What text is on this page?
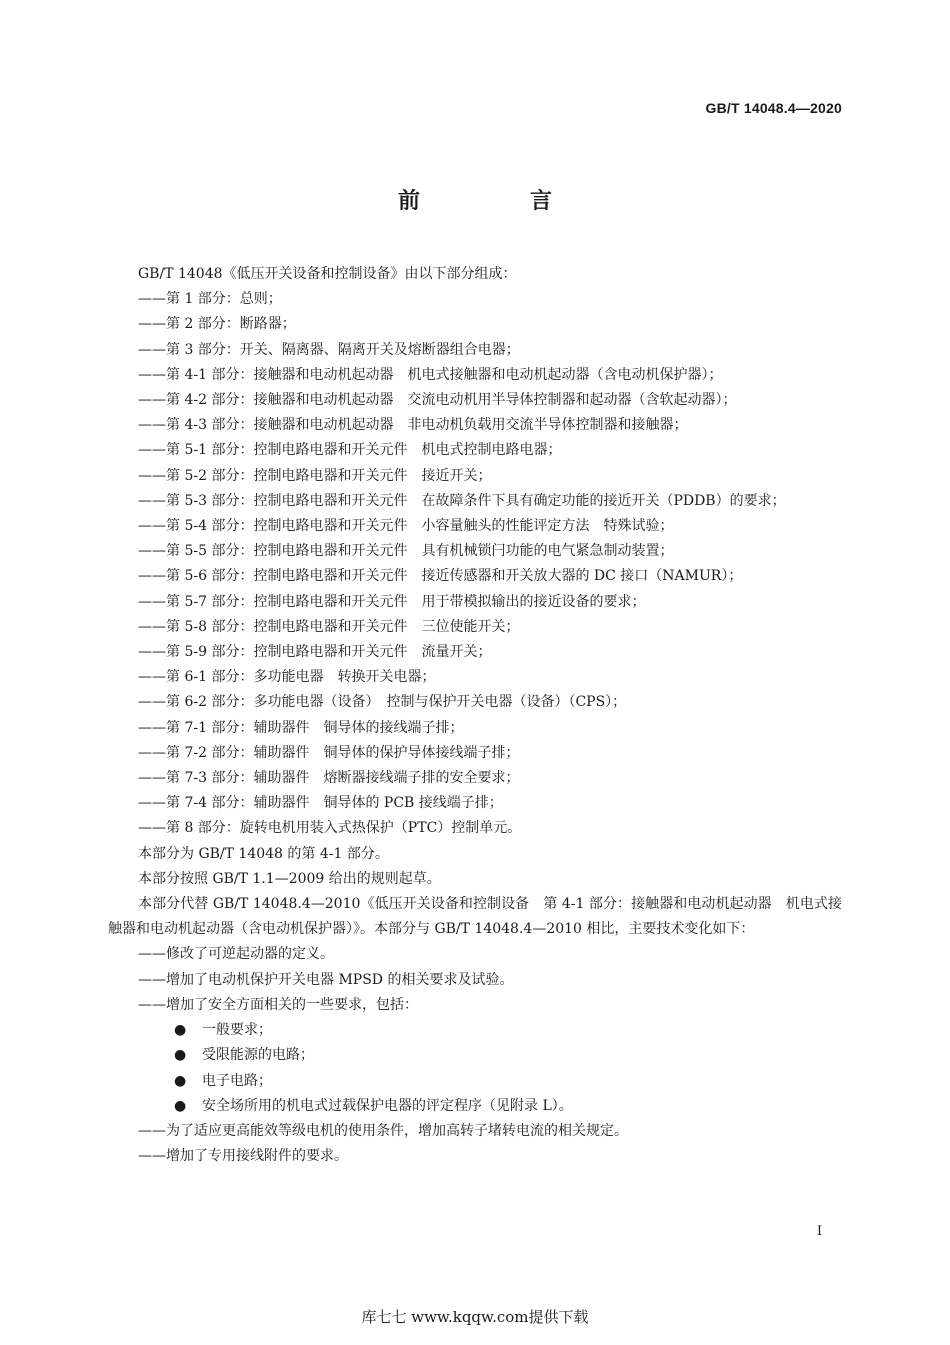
GB/T 14048.4—2020
前　言

GB/T 14048《低压开关设备和控制设备》由以下部分组成：

——第 1 部分：总则；

——第 2 部分：断路器；

——第 3 部分：开关、隔离器、隔离开关及熔断器组合电器；

——第 4-1 部分：接触器和电动机起动器　机电式接触器和电动机起动器（含电动机保护器）；

——第 4-2 部分：接触器和电动机起动器　交流电动机用半导体控制器和起动器（含软起动器）；

——第 4-3 部分：接触器和电动机起动器　非电动机负载用交流半导体控制器和接触器；

——第 5-1 部分：控制电路电器和开关元件　机电式控制电路电器；

——第 5-2 部分：控制电路电器和开关元件　接近开关；

——第 5-3 部分：控制电路电器和开关元件　在故障条件下具有确定功能的接近开关（PDDB）的要求；

——第 5-4 部分：控制电路电器和开关元件　小容量触头的性能评定方法　特殊试验；

——第 5-5 部分：控制电路电器和开关元件　具有机械锁闩功能的电气紧急制动装置；

——第 5-6 部分：控制电路电器和开关元件　接近传感器和开关放大器的 DC 接口（NAMUR）；

——第 5-7 部分：控制电路电器和开关元件　用于带模拟输出的接近设备的要求；

——第 5-8 部分：控制电路电器和开关元件　三位使能开关；

——第 5-9 部分：控制电路电器和开关元件　流量开关；

——第 6-1 部分：多功能电器　转换开关电器；

——第 6-2 部分：多功能电器（设备）　控制与保护开关电器（设备）（CPS）；

——第 7-1 部分：辅助器件　铜导体的接线端子排；

——第 7-2 部分：辅助器件　铜导体的保护导体接线端子排；

——第 7-3 部分：辅助器件　熔断器接线端子排的安全要求；

——第 7-4 部分：辅助器件　铜导体的 PCB 接线端子排；

——第 8 部分：旋转电机用装入式热保护（PTC）控制单元。

本部分为 GB/T 14048 的第 4-1 部分。

本部分按照 GB/T 1.1—2009 给出的规则起草。

本部分代替 GB/T 14048.4—2010《低压开关设备和控制设备　第 4-1 部分：接触器和电动机起动器　机电式接触器和电动机起动器（含电动机保护器）》。本部分与 GB/T 14048.4—2010 相比，主要技术变化如下：

——修改了可逆起动器的定义。

——增加了电动机保护开关电器 MPSD 的相关要求及试验。

——增加了安全方面相关的一些要求，包括：

● 一般要求；

● 受限能源的电路；

● 电子电路；

● 安全场所用的机电式过载保护电器的评定程序（见附录 L）。

——为了适应更高能效等级电机的使用条件，增加高转子堵转电流的相关规定。

——增加了专用接线附件的要求。

I
库七七 www.kqqw.com提供下载
